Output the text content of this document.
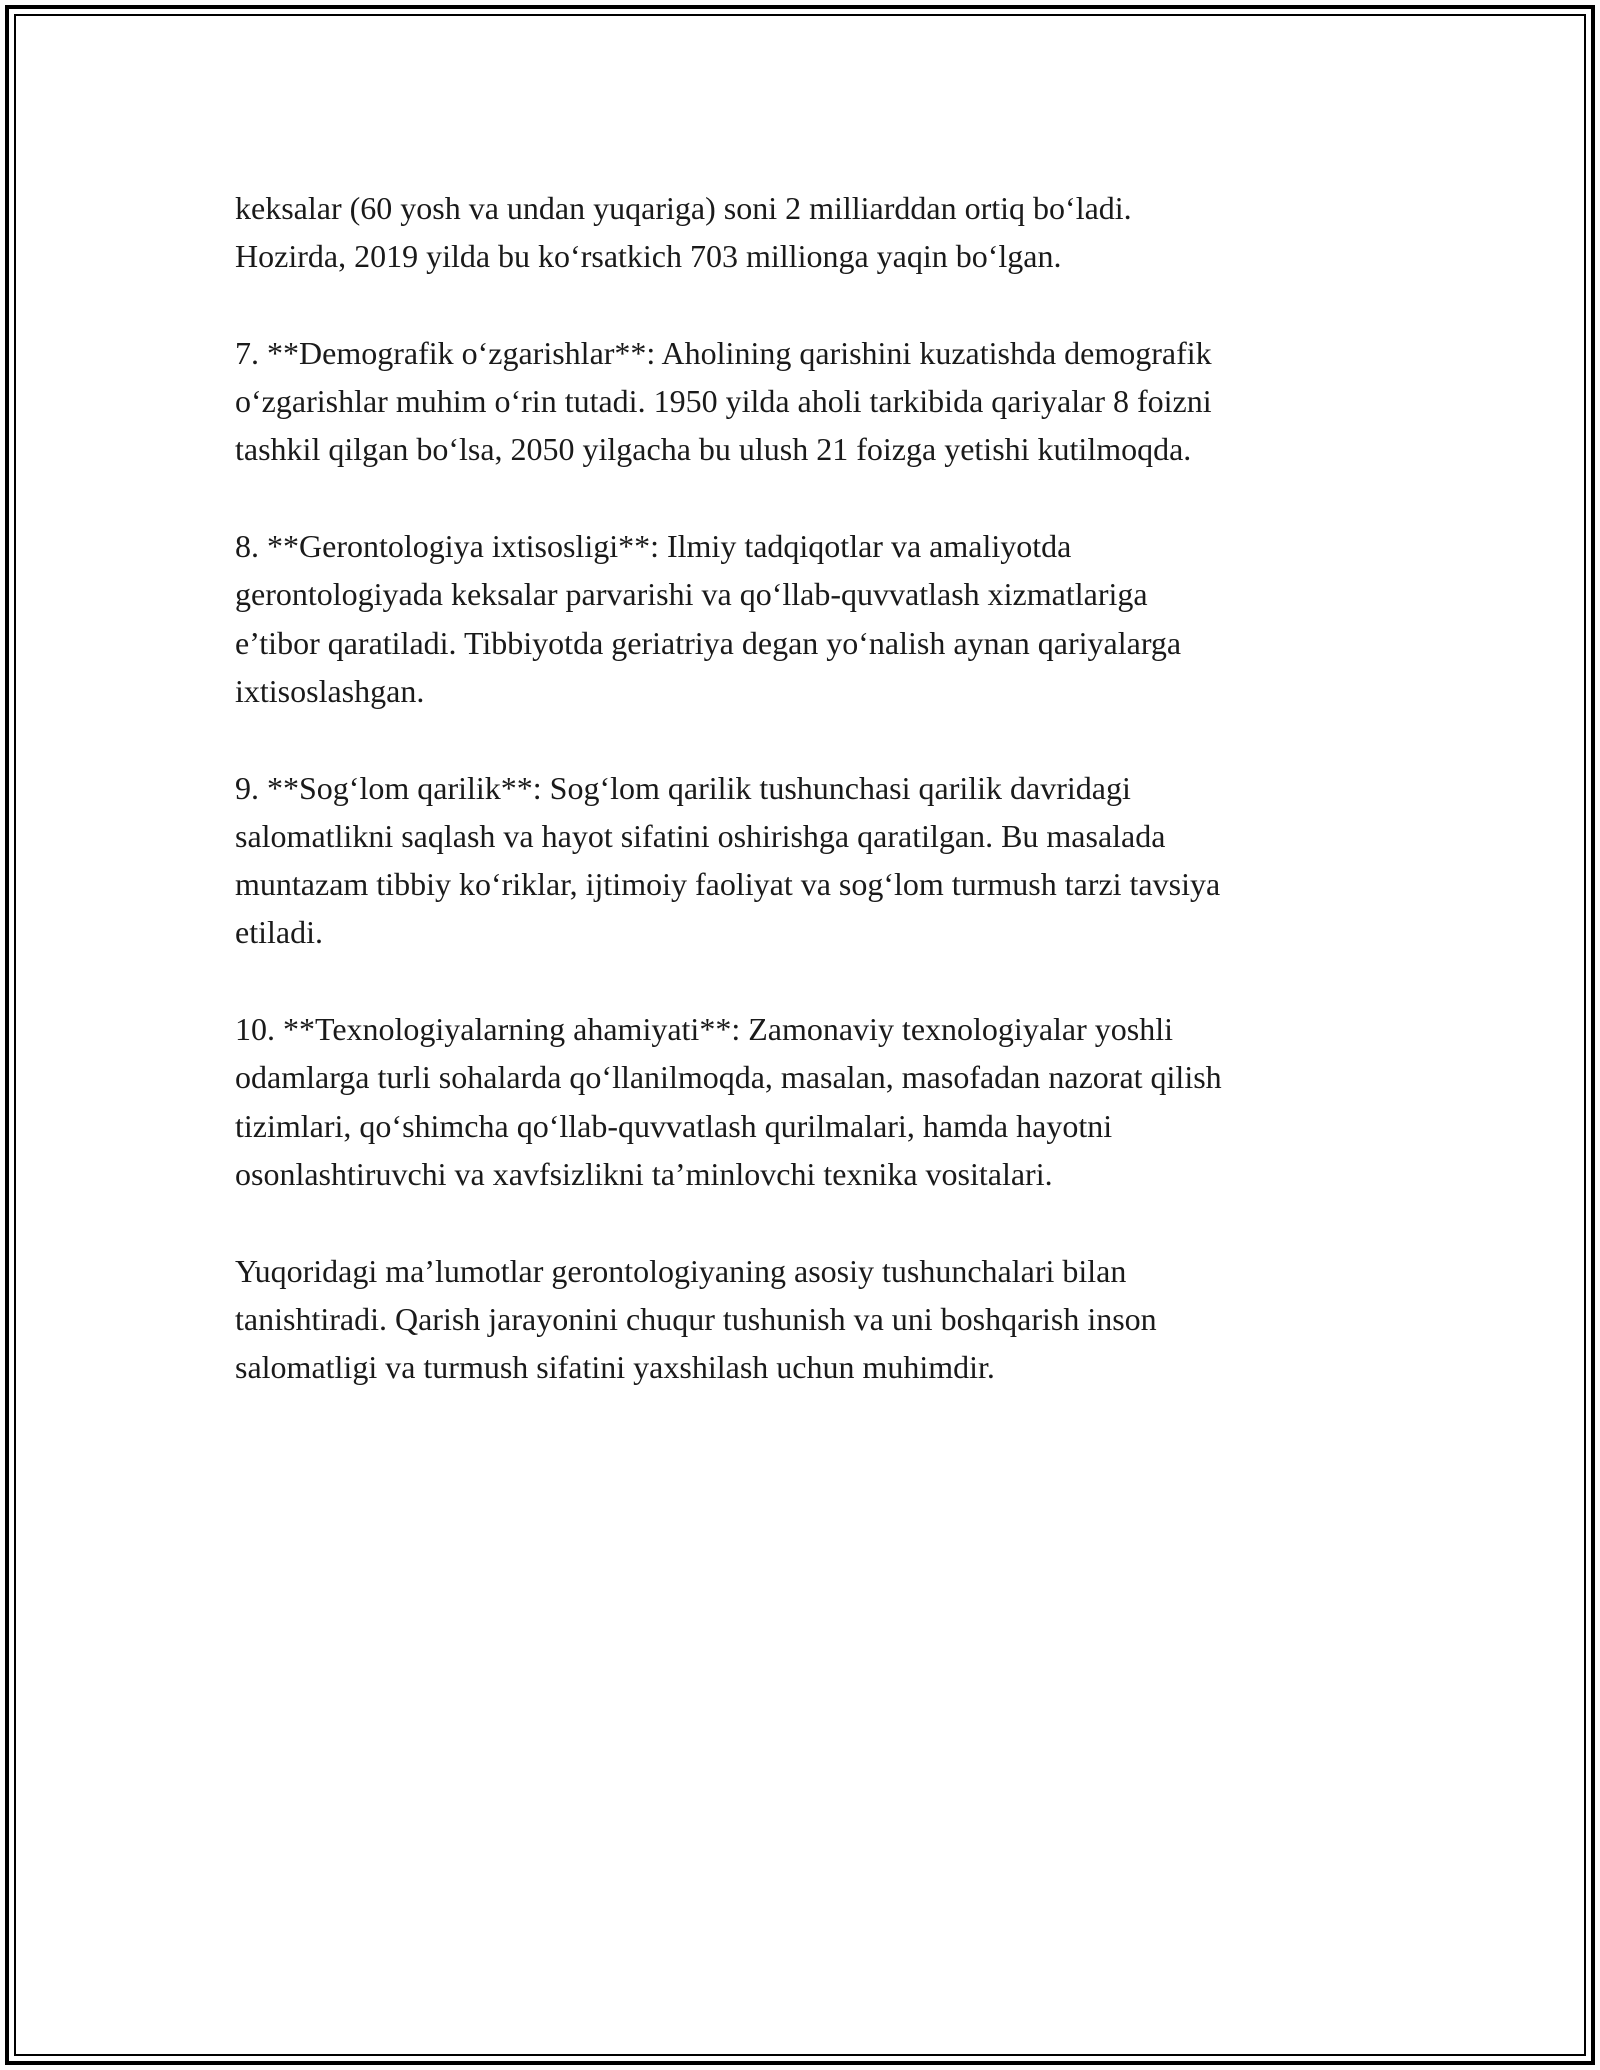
keksalar (60 yosh va undan yuqariga) soni 2 milliarddan ortiq bo‘ladi.
Hozirda, 2019 yilda bu ko‘rsatkich 703 millionga yaqin bo‘lgan.

7. **Demografik o‘zgarishlar**: Aholining qarishini kuzatishda demografik
o‘zgarishlar muhim o‘rin tutadi. 1950 yilda aholi tarkibida qariyalar 8 foizni
tashkil qilgan bo‘lsa, 2050 yilgacha bu ulush 21 foizga yetishi kutilmoqda.

8. **Gerontologiya ixtisosligi**: Ilmiy tadqiqotlar va amaliyotda
gerontologiyada keksalar parvarishi va qo‘llab-quvvatlash xizmatlariga
e’tibor qaratiladi. Tibbiyotda geriatriya degan yo‘nalish aynan qariyalarga
ixtisoslashgan.

9. **Sog‘lom qarilik**: Sog‘lom qarilik tushunchasi qarilik davridagi
salomatlikni saqlash va hayot sifatini oshirishga qaratilgan. Bu masalada
muntazam tibbiy ko‘riklar, ijtimoiy faoliyat va sog‘lom turmush tarzi tavsiya
etiladi.

10. **Texnologiyalarning ahamiyati**: Zamonaviy texnologiyalar yoshli
odamlarga turli sohalarda qo‘llanilmoqda, masalan, masofadan nazorat qilish
tizimlari, qo‘shimcha qo‘llab-quvvatlash qurilmalari, hamda hayotni
osonlashtiruvchi va xavfsizlikni ta’minlovchi texnika vositalari.

Yuqoridagi ma’lumotlar gerontologiyaning asosiy tushunchalari bilan
tanishtiradi. Qarish jarayonini chuqur tushunish va uni boshqarish inson
salomatligi va turmush sifatini yaxshilash uchun muhimdir.
